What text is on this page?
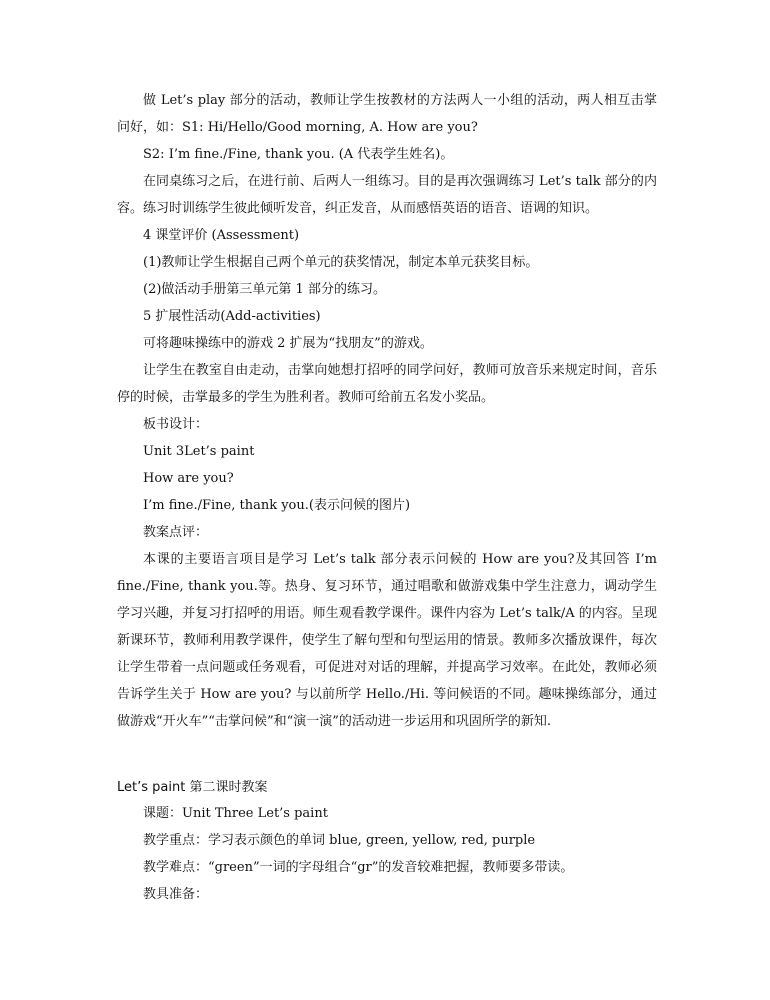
做 Let’s play 部分的活动，教师让学生按教材的方法两人一小组的活动，两人相互击掌问好，如：S1: Hi/Hello/Good morning, A. How are you?

S2: I’m fine./Fine, thank you. (A 代表学生姓名)。

在同桌练习之后，在进行前、后两人一组练习。目的是再次强调练习 Let’s talk 部分的内容。练习时训练学生彼此倾听发音，纠正发音，从而感悟英语的语音、语调的知识。

4 课堂评价 (Assessment)

(1)教师让学生根据自己两个单元的获奖情况，制定本单元获奖目标。

(2)做活动手册第三单元第 1 部分的练习。

5 扩展性活动(Add-activities)

可将趣味操练中的游戏 2 扩展为“找朋友”的游戏。

让学生在教室自由走动，击掌向她想打招呼的同学问好，教师可放音乐来规定时间，音乐停的时候，击掌最多的学生为胜利者。教师可给前五名发小奖品。

板书设计：

Unit 3Let’s paint

How are you?

I’m fine./Fine, thank you.(表示问候的图片)

教案点评：

本课的主要语言项目是学习 Let’s talk 部分表示问候的 How are you?及其回答 I’m fine./Fine, thank you.等。热身、复习环节，通过唱歌和做游戏集中学生注意力，调动学生学习兴趣，并复习打招呼的用语。师生观看教学课件。课件内容为 Let’s talk/A 的内容。呈现新课环节，教师利用教学课件，使学生了解句型和句型运用的情景。教师多次播放课件，每次让学生带着一点问题或任务观看，可促进对对话的理解，并提高学习效率。在此处，教师必须告诉学生关于 How are you? 与以前所学 Hello./Hi. 等问候语的不同。趣味操练部分，通过做游戏“开火车”“击掌问候”和“演一演”的活动进一步运用和巩固所学的新知.

Let’s paint 第二课时教案

课题：Unit Three Let’s paint

教学重点：学习表示颜色的单词 blue, green, yellow, red, purple

教学难点：“green”一词的字母组合“gr”的发音较难把握，教师要多带读。

教具准备：
